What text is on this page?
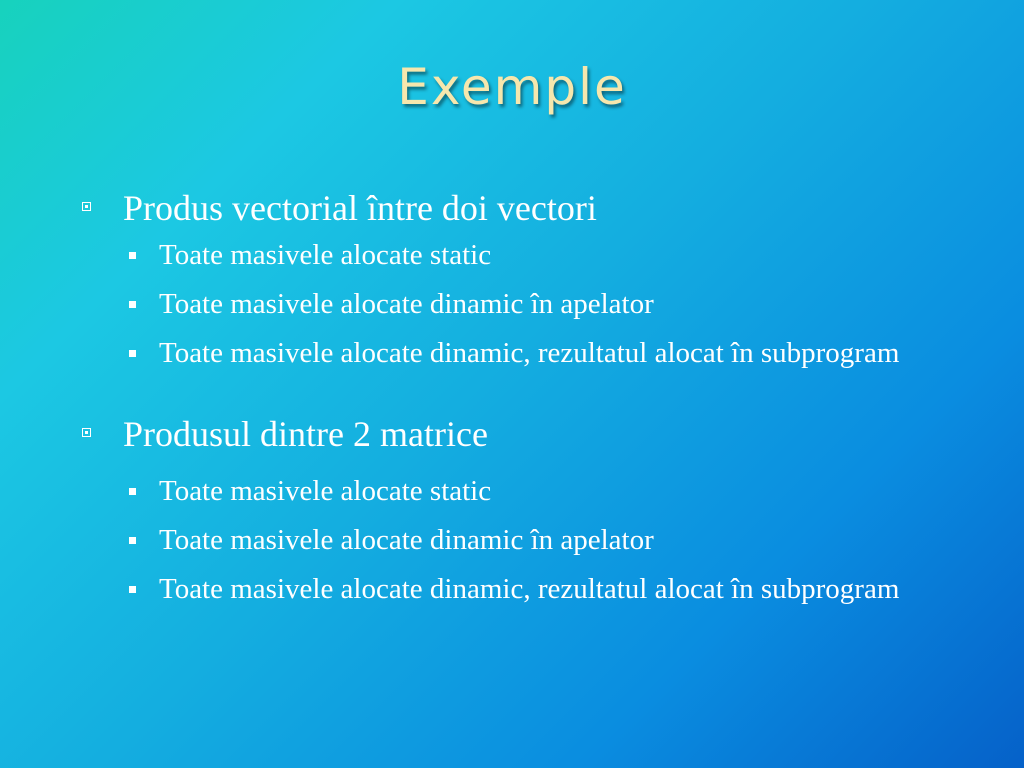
Exemple
Produs vectorial între doi vectori
Toate masivele alocate static
Toate masivele alocate dinamic în apelator
Toate masivele alocate dinamic, rezultatul alocat în subprogram
Produsul dintre 2 matrice
Toate masivele alocate static
Toate masivele alocate dinamic în apelator
Toate masivele alocate dinamic, rezultatul alocat în subprogram
